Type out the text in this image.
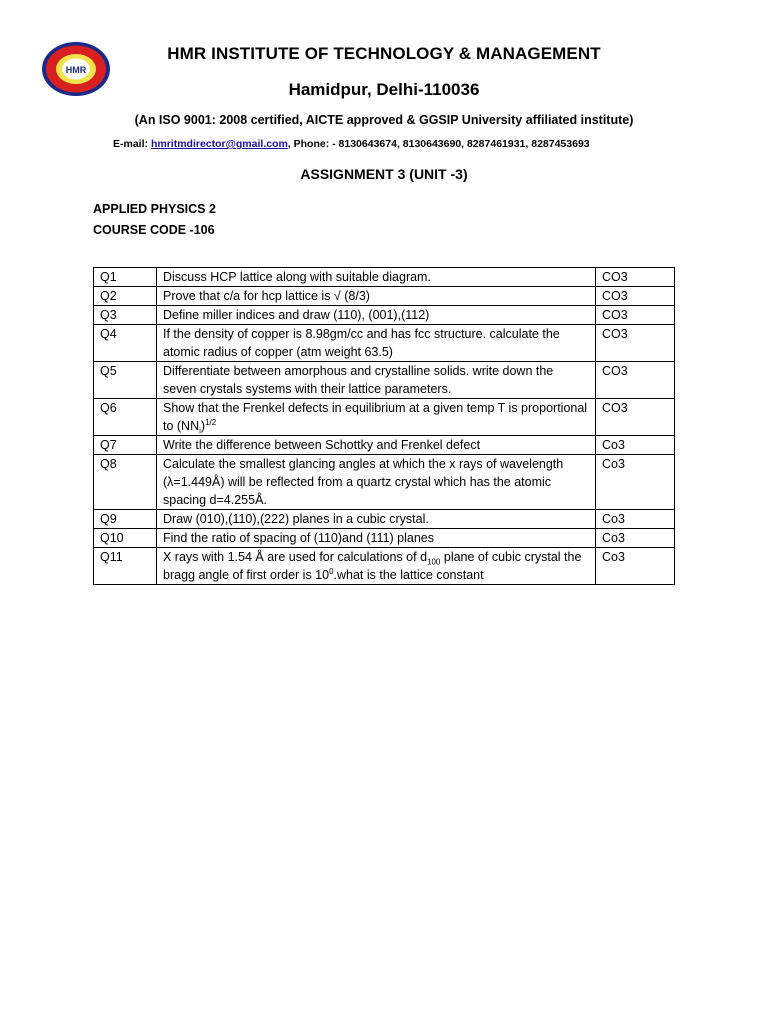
HMR
HMR INSTITUTE OF TECHNOLOGY & MANAGEMENT
Hamidpur, Delhi-110036
(An ISO 9001: 2008 certified, AICTE approved & GGSIP University affiliated institute)
E-mail: hmritmdirector@gmail.com, Phone: - 8130643674, 8130643690, 8287461931, 8287453693
ASSIGNMENT 3 (UNIT -3)
APPLIED PHYSICS 2
COURSE CODE -106
Q1	Discuss HCP lattice along with suitable diagram.	CO3
Q2	Prove that c/a for hcp lattice is √ (8/3)	CO3
Q3	Define miller indices and draw (110), (001),(112)	CO3
Q4	If the density of copper is 8.98gm/cc and has fcc structure. calculate the atomic radius of copper (atm weight 63.5)	CO3
Q5	Differentiate between amorphous and crystalline solids. write down the seven crystals systems with their lattice parameters.	CO3
Q6	Show that the Frenkel defects in equilibrium at a given temp T is proportional to $(NN_i)^{1/2}$	CO3
Q7	Write the difference between Schottky and Frenkel defect	Co3
Q8	Calculate the smallest glancing angles at which the x rays of wavelength (λ=1.449Å) will be reflected from a quartz crystal which has the atomic spacing d=4.255Å.	Co3
Q9	Draw (010),(110),(222) planes in a cubic crystal.	Co3
Q10	Find the ratio of spacing of (110)and (111) planes	Co3
Q11	X rays with 1.54 Å are used for calculations of $d_{100}$ plane of cubic crystal the bragg angle of first order is $10^0.what$ is the lattice constant	Co3
